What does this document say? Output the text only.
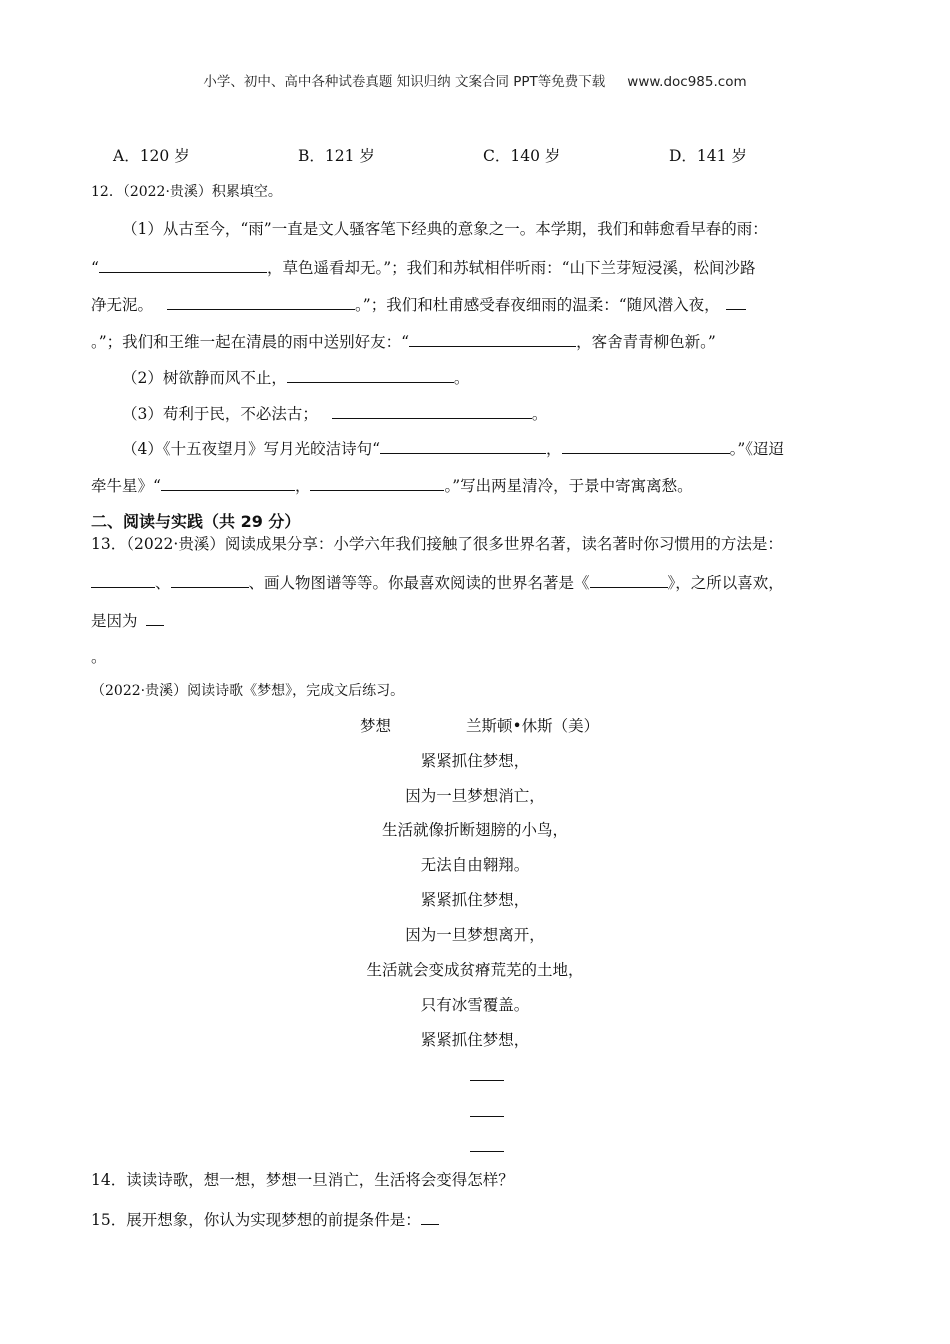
小学、初中、高中各种试卷真题 知识归纳 文案合同 PPT等免费下载 www.doc985.com
A．120 岁	B．121 岁	C．140 岁	D．141 岁
12．（2022·贵溪）积累填空。
（1）从古至今，“雨”一直是文人骚客笔下经典的意象之一。本学期，我们和韩愈看早春的雨：
“	，草色遥看却无。”；我们和苏轼相伴听雨：“山下兰芽短浸溪，松间沙路
净无泥。	。”；我们和杜甫感受春夜细雨的温柔：“随风潜入夜，
。”；我们和王维一起在清晨的雨中送别好友：“	，客舍青青柳色新。”
（2）树欲静而风不止，	。
（3）苟利于民，不必法古；	。
（4）《十五夜望月》写月光皎洁诗句“	，	。”《迢迢
牵牛星》“	，	。”写出两星清冷，于景中寄寓离愁。
二、阅读与实践（共 29 分）
13．（2022·贵溪）阅读成果分享：小学六年我们接触了很多世界名著，读名著时你习惯用的方法是：
、	、画人物图谱等等。你最喜欢阅读的世界名著是《	》，之所以喜欢，
是因为
。
（2022·贵溪）阅读诗歌《梦想》，完成文后练习。
梦想	兰斯顿•休斯（美）
紧紧抓住梦想，
因为一旦梦想消亡，
生活就像折断翅膀的小鸟，
无法自由翱翔。
紧紧抓住梦想，
因为一旦梦想离开，
生活就会变成贫瘠荒芜的土地，
只有冰雪覆盖。
紧紧抓住梦想，
14．读读诗歌，想一想，梦想一旦消亡，生活将会变得怎样？
15．展开想象，你认为实现梦想的前提条件是：
